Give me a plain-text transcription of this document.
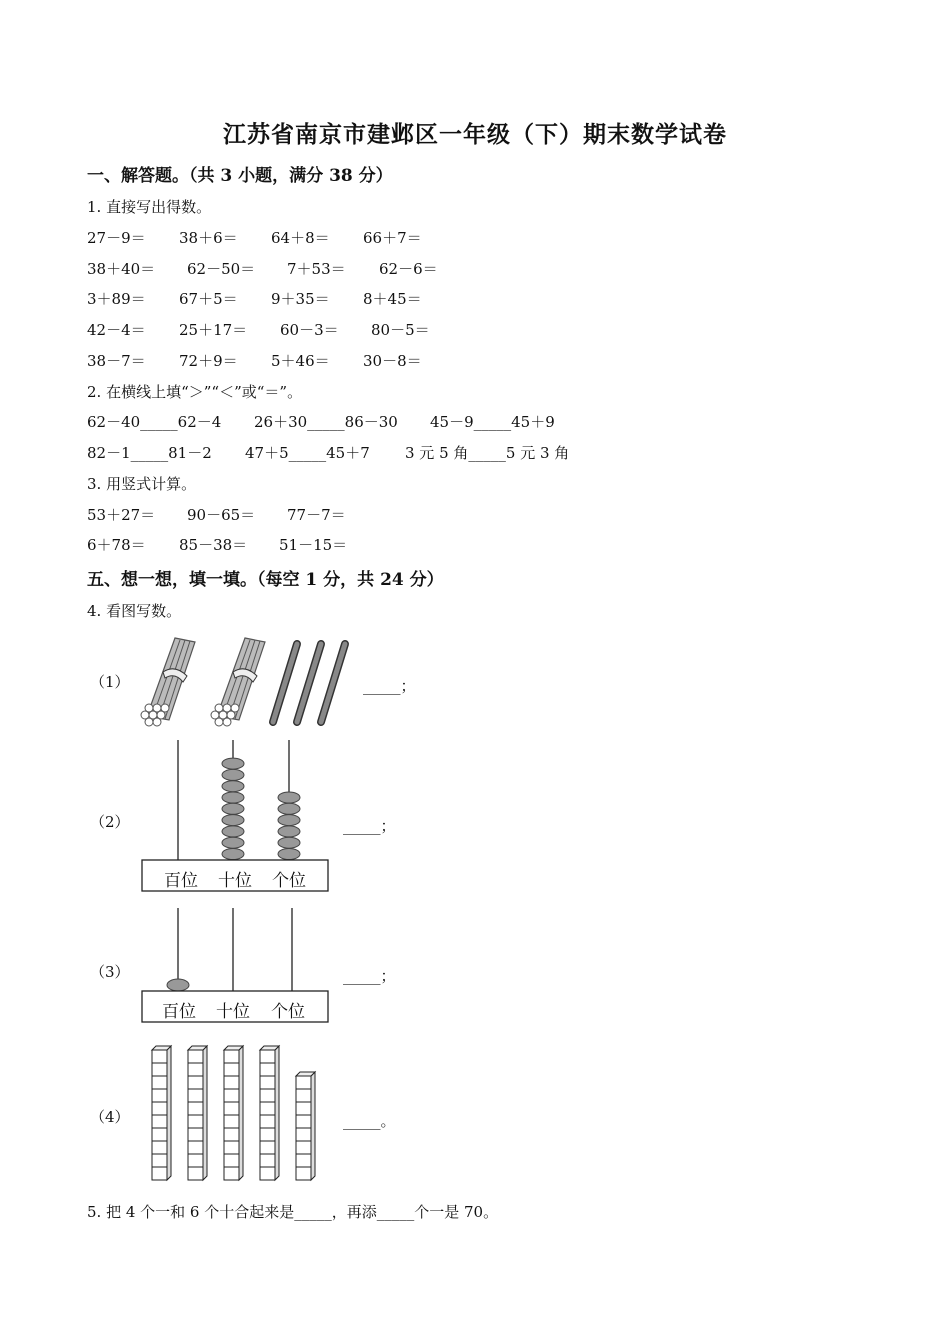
江苏省南京市建邺区一年级（下）期末数学试卷
一、解答题。（共 3 小题，满分 38 分）
1. 直接写出得数。
27－9＝ 38＋6＝ 64＋8＝ 66＋7＝
38＋40＝ 62－50＝ 7＋53＝ 62－6＝
3＋89＝ 67＋5＝ 9＋35＝ 8＋45＝
42－4＝ 25＋17＝ 60－3＝ 80－5＝
38－7＝ 72＋9＝ 5＋46＝ 30－8＝
2. 在横线上填“＞”“＜”或“＝”。
62－40_____62－4 26＋30_____86－30 45－9_____45＋9
82－1_____81－2 47＋5_____45＋7 3 元 5 角_____5 元 3 角
3. 用竖式计算。
53＋27＝ 90－65＝ 77－7＝
6＋78＝ 85－38＝ 51－15＝
五、想一想，填一填。（每空 1 分，共 24 分）
4. 看图写数。
（1）	_____；
（2）
百位 十位 个位
_____；
（3）
百位 十位 个位
_____；
（4）	_____。
5. 把 4 个一和 6 个十合起来是_____，再添_____个一是 70。
